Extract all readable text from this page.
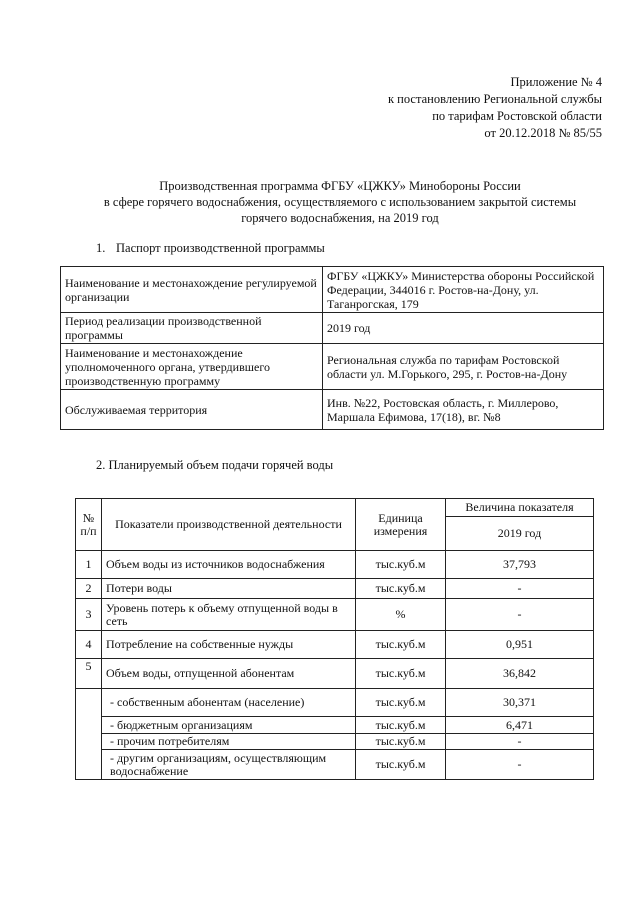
Приложение № 4
к постановлению Региональной службы
по тарифам Ростовской области
от 20.12.2018 № 85/55
Производственная программа ФГБУ «ЦЖКУ» Минобороны России
в сфере горячего водоснабжения, осуществляемого с использованием закрытой системы
горячего водоснабжения, на 2019 год
1. Паспорт производственной программы
Наименование и местонахождение регулируемой организации	ФГБУ «ЦЖКУ» Министерства обороны Российской Федерации, 344016 г. Ростов-на-Дону, ул. Таганрогская, 179
Период реализации производственной программы	2019 год
Наименование и местонахождение уполномоченного органа, утвердившего производственную программу	Региональная служба по тарифам Ростовской области ул. М.Горького, 295, г. Ростов-на-Дону
Обслуживаемая территория	Инв. №22, Ростовская область, г. Миллерово, Маршала Ефимова, 17(18), вг. №8
2. Планируемый объем подачи горячей воды
№ п/п	Показатели производственной деятельности	Единица измерения	Величина показателя
			2019 год
1	Объем воды из источников водоснабжения	тыс.куб.м	37,793
2	Потери воды	тыс.куб.м	-
3	Уровень потерь к объему отпущенной воды в сеть	%	-
4	Потребление на собственные нужды	тыс.куб.м	0,951
5	Объем воды, отпущенной абонентам	тыс.куб.м	36,842
	- собственным абонентам (население)	тыс.куб.м	30,371
	- бюджетным организациям	тыс.куб.м	6,471
	- прочим потребителям	тыс.куб.м	-
	- другим организациям, осуществляющим водоснабжение	тыс.куб.м	-
